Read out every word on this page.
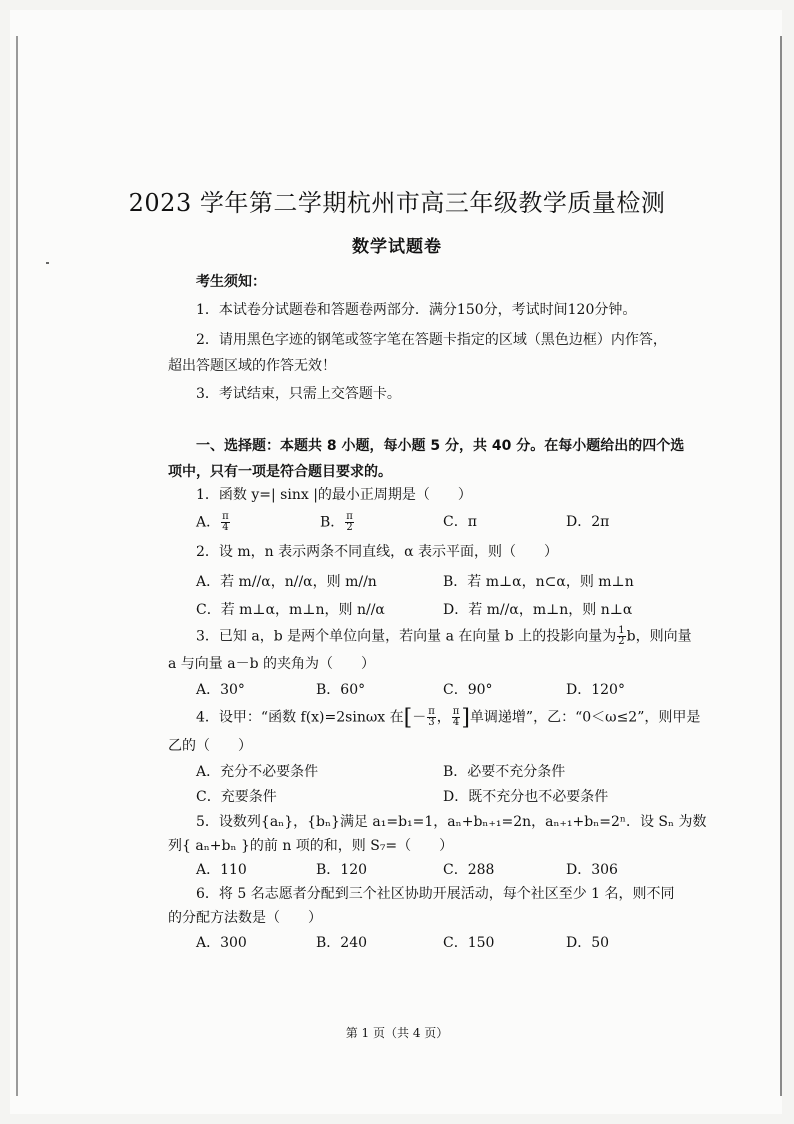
2023 学年第二学期杭州市高三年级教学质量检测
数学试题卷
考生须知：
1．本试卷分试题卷和答题卷两部分．满分150分，考试时间120分钟。
2．请用黑色字迹的钢笔或签字笔在答题卡指定的区域（黑色边框）内作答，
超出答题区域的作答无效！
3．考试结束，只需上交答题卡。
一、选择题：本题共 8 小题，每小题 5 分，共 40 分。在每小题给出的四个选
项中，只有一项是符合题目要求的。
1．函数 y=| sinx |的最小正周期是（　　）
A． $\frac{\pi}{4}$	B． $\frac{\pi}{2}$	C．π	D．2π
2．设 m，n 表示两条不同直线，α 表示平面，则（　　）
A．若 m//α，n//α，则 m//n	B．若 m⊥α，n⊂α，则 m⊥n
C．若 m⊥α，m⊥n，则 n//α	D．若 m//α，m⊥n，则 n⊥α
3．已知 a，b 是两个单位向量，若向量 a 在向量 b 上的投影向量为 $\frac{1}{2}$ b，则向量
a 与向量 a－b 的夹角为（　　）
A．30°	B．60°	C．90°	D．120°
4．设甲：“函数 f(x)=2sinωx 在[－ $\frac{\pi}{3}$ ， $\frac{\pi}{4}$ ]单调递增”，乙：“0＜ω≤2”，则甲是
乙的（　　）
A．充分不必要条件	B．必要不充分条件
C．充要条件	D．既不充分也不必要条件
5．设数列{aₙ}，{bₙ}满足 a₁=b₁=1，aₙ+bₙ₊₁=2n，aₙ₊₁+bₙ=2ⁿ．设 Sₙ 为数
列{ aₙ+bₙ }的前 n 项的和，则 S₇=（　　）
A．110	B．120	C．288	D．306
6．将 5 名志愿者分配到三个社区协助开展活动，每个社区至少 1 名，则不同
的分配方法数是（　　）
A．300	B．240	C．150	D．50
第 1 页（共 4 页）
